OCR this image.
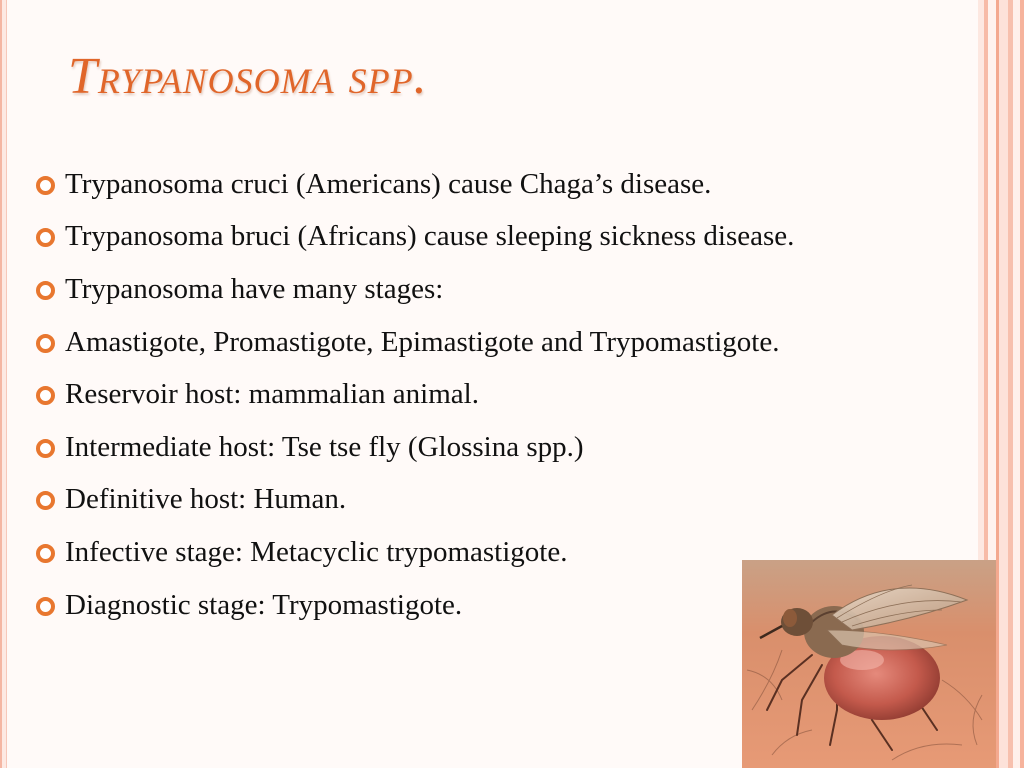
Trypanosoma spp.
Trypanosoma cruci (Americans) cause Chaga’s disease.
Trypanosoma bruci (Africans) cause sleeping sickness disease.
Trypanosoma have many stages:
Amastigote, Promastigote, Epimastigote and Trypomastigote.
Reservoir host: mammalian animal.
Intermediate host: Tse tse fly (Glossina spp.)
Definitive host: Human.
Infective stage: Metacyclic trypomastigote.
Diagnostic stage: Trypomastigote.
